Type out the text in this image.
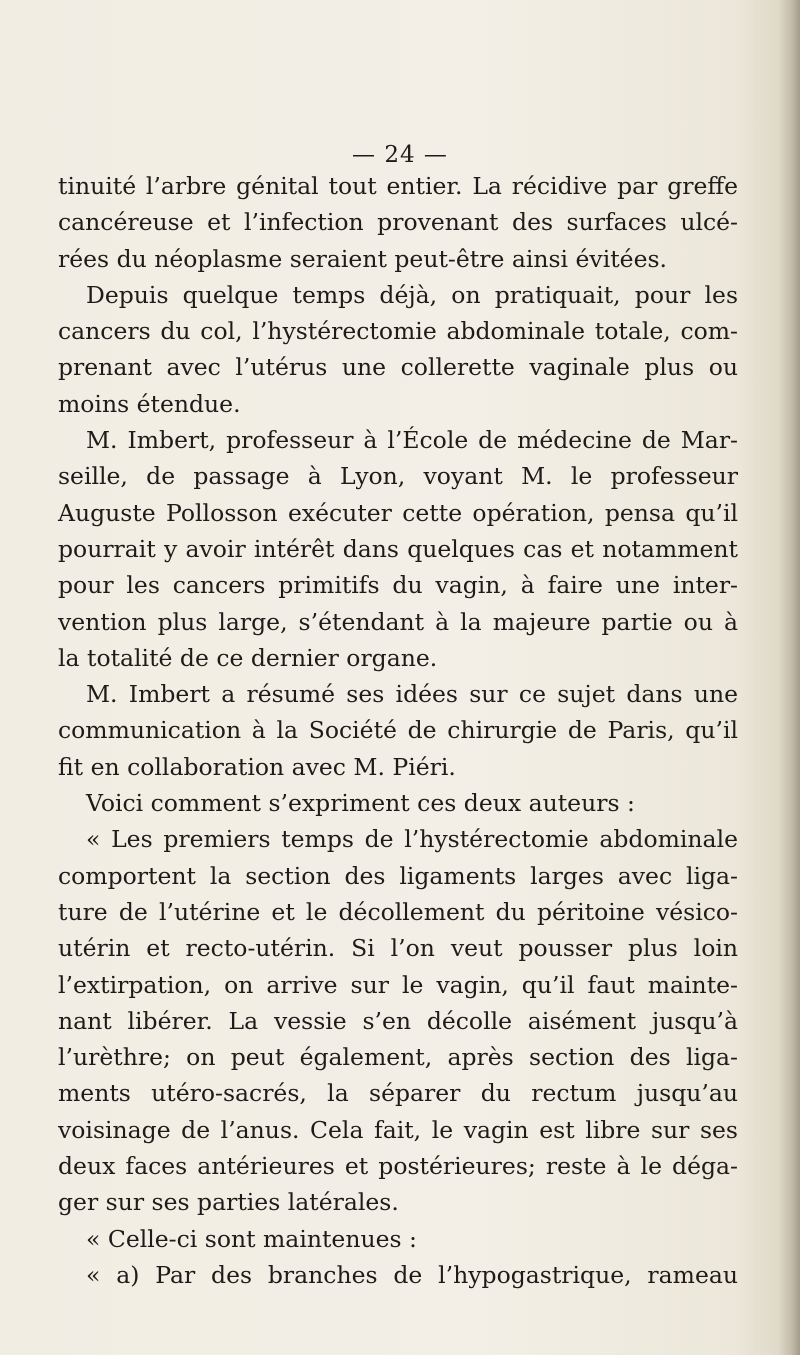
— 24 —
tinuité l’arbre génital tout entier. La récidive par greffe
cancéreuse et l’infection provenant des surfaces ulcé-
rées du néoplasme seraient peut-être ainsi évitées.
Depuis quelque temps déjà, on pratiquait, pour les
cancers du col, l’hystérectomie abdominale totale, com-
prenant avec l’utérus une collerette vaginale plus ou
moins étendue.
M. Imbert, professeur à l’École de médecine de Mar-
seille, de passage à Lyon, voyant M. le professeur
Auguste Pollosson exécuter cette opération, pensa qu’il
pourrait y avoir intérêt dans quelques cas et notamment
pour les cancers primitifs du vagin, à faire une inter-
vention plus large, s’étendant à la majeure partie ou à
la totalité de ce dernier organe.
M. Imbert a résumé ses idées sur ce sujet dans une
communication à la Société de chirurgie de Paris, qu’il
fit en collaboration avec M. Piéri.
Voici comment s’expriment ces deux auteurs :
« Les premiers temps de l’hystérectomie abdominale
comportent la section des ligaments larges avec liga-
ture de l’utérine et le décollement du péritoine vésico-
utérin et recto-utérin. Si l’on veut pousser plus loin
l’extirpation, on arrive sur le vagin, qu’il faut mainte-
nant libérer. La vessie s’en décolle aisément jusqu’à
l’urèthre; on peut également, après section des liga-
ments utéro-sacrés, la séparer du rectum jusqu’au
voisinage de l’anus. Cela fait, le vagin est libre sur ses
deux faces antérieures et postérieures; reste à le déga-
ger sur ses parties latérales.
« Celle-ci sont maintenues :
« a) Par des branches de l’hypogastrique, rameau
